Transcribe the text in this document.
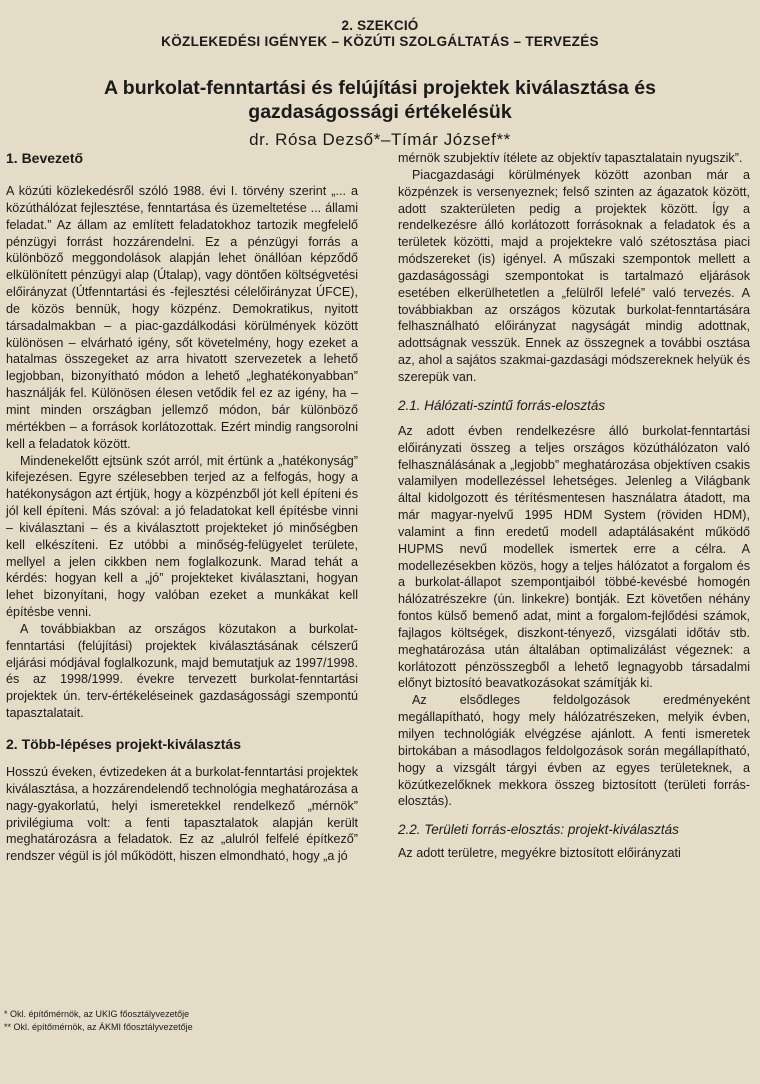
2. SZEKCIÓ
KÖZLEKEDÉSI IGÉNYEK – KÖZÚTI SZOLGÁLTATÁS – TERVEZÉS
A burkolat-fenntartási és felújítási projektek kiválasztása és gazdaságossági értékelésük
dr. Rósa Dezső*–Tímár József**
1. Bevezető

A közúti közlekedésről szóló 1988. évi I. törvény szerint „... a közúthálózat fejlesztése, fenntartása és üzemeltetése ... állami feladat.” Az állam az említett feladatokhoz tartozik megfelelő pénzügyi forrást hozzárendelni. Ez a pénzügyi forrás a különböző meggondolások alapján lehet önállóan képződő elkülönített pénzügyi alap (Útalap), vagy döntően költségvetési előirányzat (Útfenntartási és -fejlesztési célelőirányzat ÚFCE), de közös bennük, hogy közpénz. Demokratikus, nyitott társadalmakban – a piac-gazdálkodási körülmények között különösen – elvárható igény, sőt követelmény, hogy ezeket a hatalmas összegeket az arra hivatott szervezetek a lehető legjobban, bizonyítható módon a lehető „leghatékonyabban” használják fel. Különösen élesen vetődik fel ez az igény, ha – mint minden országban jellemző módon, bár különböző mértékben – a források korlátozottak. Ezért mindig rangsorolni kell a feladatok között.

Mindenekelőtt ejtsünk szót arról, mit értünk a „hatékonyság” kifejezésen. Egyre szélesebben terjed az a felfogás, hogy a hatékonyságon azt értjük, hogy a közpénzből jót kell építeni és jól kell építeni. Más szóval: a jó feladatokat kell építésbe vinni – kiválasztani – és a kiválasztott projekteket jó minőségben kell elkészíteni. Ez utóbbi a minőség-felügyelet területe, mellyel a jelen cikkben nem foglalkozunk. Marad tehát a kérdés: hogyan kell a „jó” projekteket kiválasztani, hogyan lehet bizonyítani, hogy valóban ezeket a munkákat kell építésbe venni.

A továbbiakban az országos közutakon a burkolat-fenntartási (felújítási) projektek kiválasztásának célszerű eljárási módjával foglalkozunk, majd bemutatjuk az 1997/1998. és az 1998/1999. évekre tervezett burkolat-fenntartási projektek ún. terv-értékeléseinek gazdaságossági szempontú tapasztalatait.

2. Több-lépéses projekt-kiválasztás

Hosszú éveken, évtizedeken át a burkolat-fenntartási projektek kiválasztása, a hozzárendelendő technológia meghatározása a nagy-gyakorlatú, helyi ismeretekkel rendelkező „mérnök” privilégiuma volt: a fenti tapasztalatok alapján került meghatározásra a feladatok. Ez az „alulról felfelé építkező” rendszer végül is jól működött, hiszen elmondható, hogy „a jó

mérnök szubjektív ítélete az objektív tapasztalatain nyugszik”.

Piacgazdasági körülmények között azonban már a közpénzek is versenyeznek; felső szinten az ágazatok között, adott szakterületen pedig a projektek között. Így a rendelkezésre álló korlátozott forrásoknak a feladatok és a területek közötti, majd a projektekre való szétosztása piaci módszereket (is) igényel. A műszaki szempontok mellett a gazdaságossági szempontokat is tartalmazó eljárások esetében elkerülhetetlen a „felülről lefelé” való tervezés. A továbbiakban az országos közutak burkolat-fenntartására felhasználható előirányzat nagyságát mindig adottnak, adottságnak vesszük. Ennek az összegnek a további osztása az, ahol a sajátos szakmai-gazdasági módszereknek helyük és szerepük van.

2.1. Hálózati-szintű forrás-elosztás

Az adott évben rendelkezésre álló burkolat-fenntartási előirányzati összeg a teljes országos közúthálózaton való felhasználásának a „legjobb” meghatározása objektíven csakis valamilyen modellezéssel lehetséges. Jelenleg a Világbank által kidolgozott és térítésmentesen használatra átadott, ma már magyar-nyelvű 1995 HDM System (röviden HDM), valamint a finn eredetű modell adaptálásaként működő HUPMS nevű modellek ismertek erre a célra. A modellezésekben közös, hogy a teljes hálózatot a forgalom és a burkolat-állapot szempontjaiból többé-kevésbé homogén hálózatrészekre (ún. linkekre) bontják. Ezt követően néhány fontos külső bemenő adat, mint a forgalom-fejlődési számok, fajlagos költségek, diszkont-tényező, vizsgálati időtáv stb. meghatározása után általában optimalizálást végeznek: a korlátozott pénzösszegből a lehető legnagyobb társadalmi előnyt biztosító beavatkozásokat számítják ki.

Az elsődleges feldolgozások eredményeként megállapítható, hogy mely hálózatrészeken, melyik évben, milyen technológiák elvégzése ajánlott. A fenti ismeretek birtokában a másodlagos feldolgozások során megállapítható, hogy a vizsgált tárgyi évben az egyes területeknek, a közútkezelőknek mekkora összeg biztosított (területi forrás-elosztás).

2.2. Területi forrás-elosztás: projekt-kiválasztás

Az adott területre, megyékre biztosított előirányzati

* Okl. építőmérnök, az UKIG főosztályvezetője
** Okl. építőmérnök, az ÁKMI főosztályvezetője
